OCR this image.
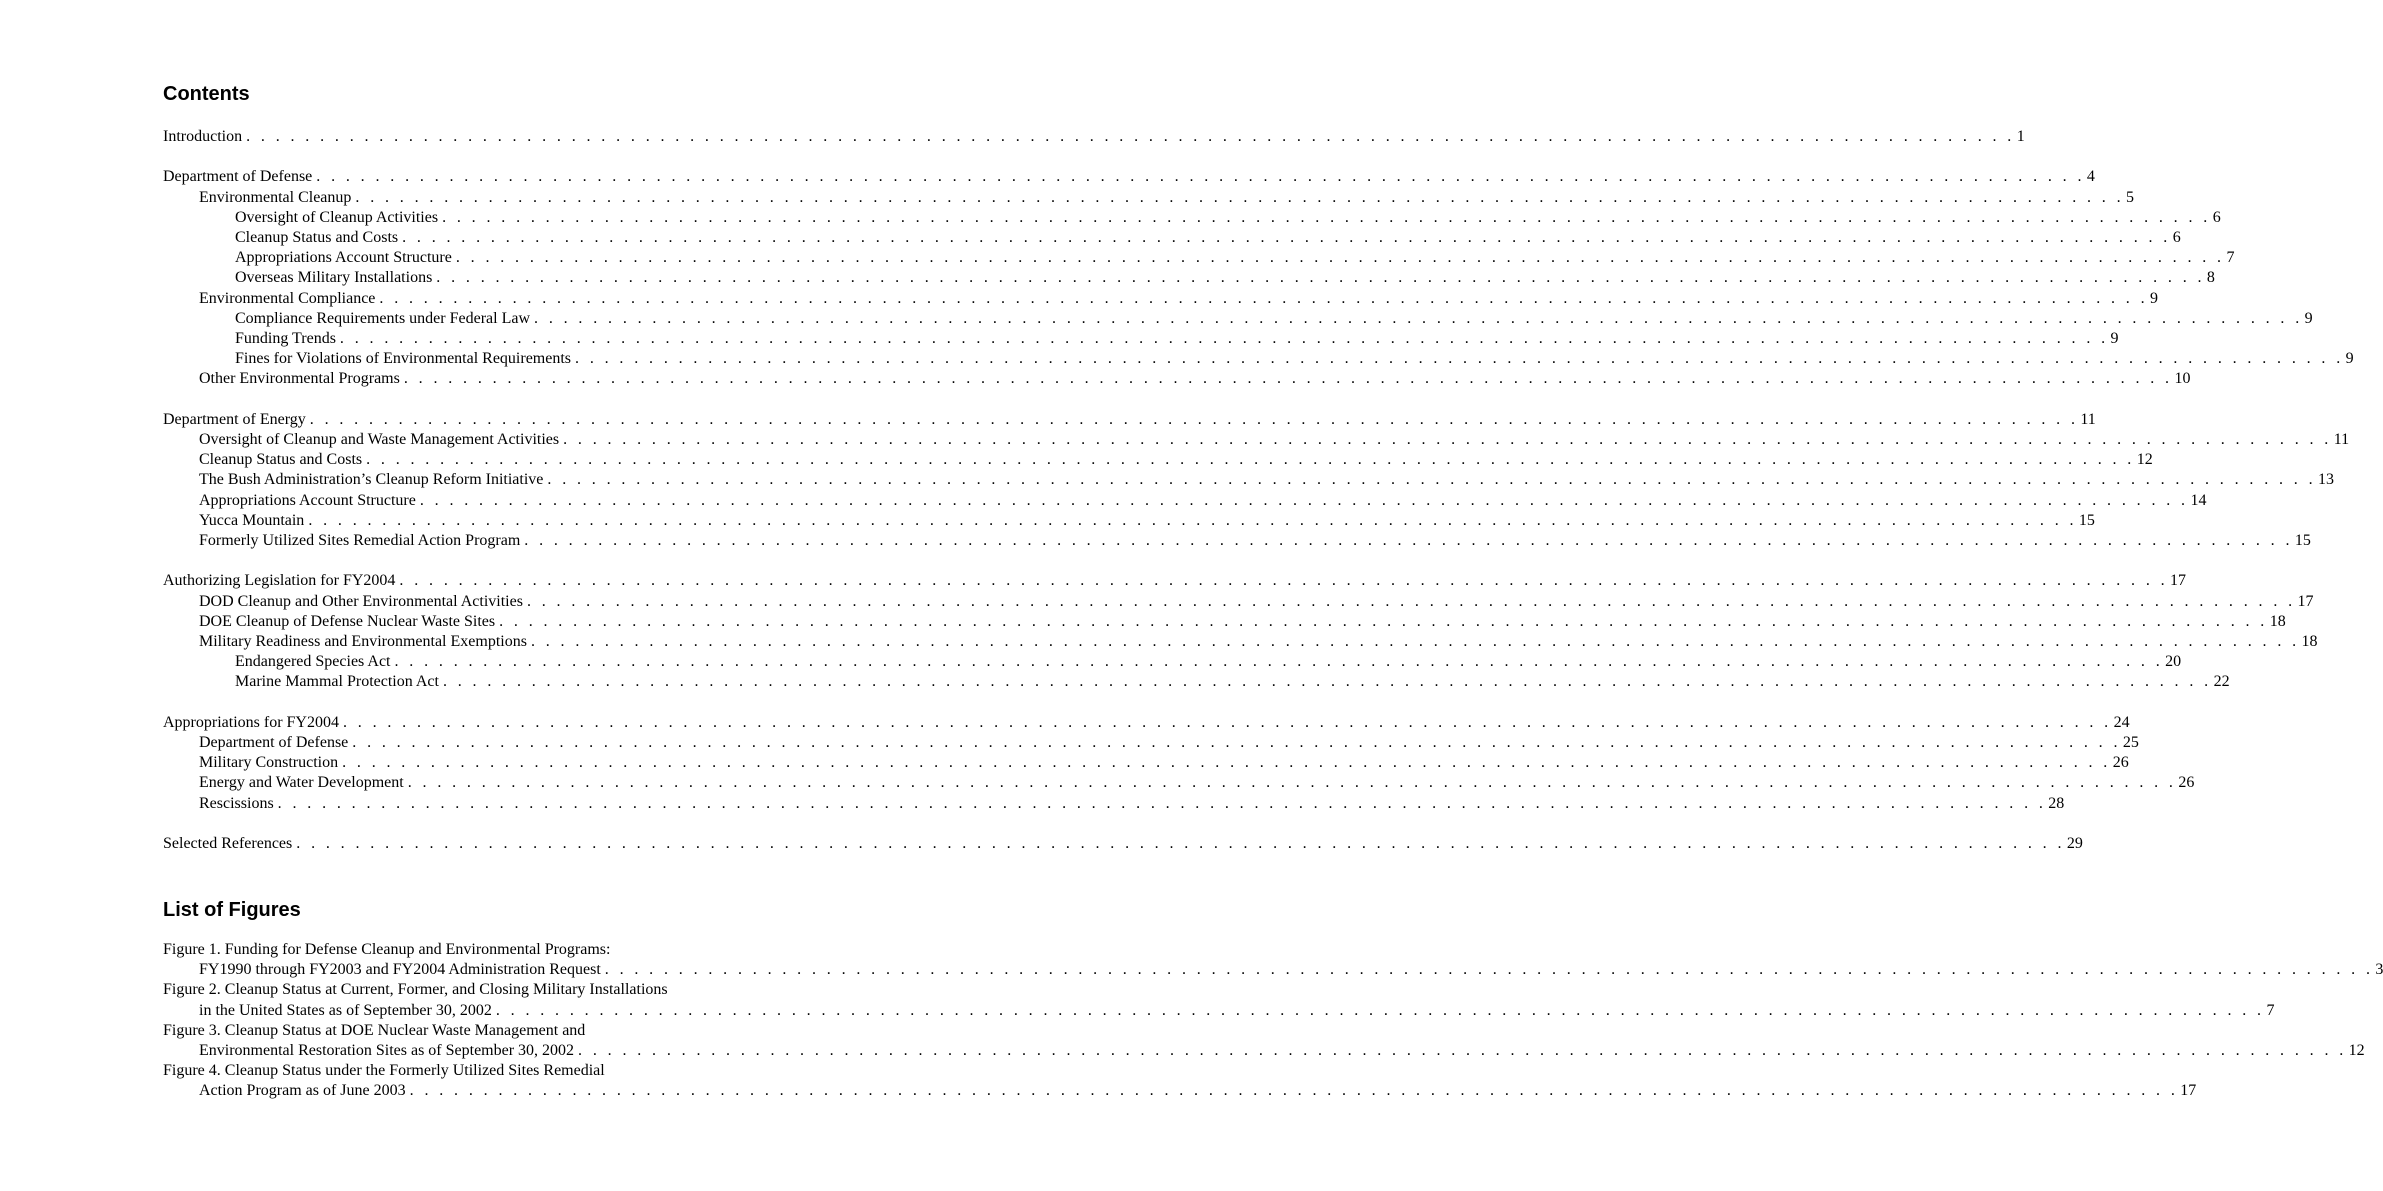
Contents
Introduction . . . . . . . . . . . . . . . . . . . . . . . . . . . . . . . . . . . . . . . . . . . . . . . . . . . . . . . . . . . . . . . . . . . . . . . . . . . . . . . . . . . . . . . . . . . . . . . . . . . . . . . . . . . . . . . . . . . . . . . . 1
Department of Defense . . . . . . . . . . . . . . . . . . . . . . . . . . . . . . . . . . . . . . . . . . . . . . . . . . . . . . . . . . . . . . . . . . . . . . . . . . . . . . . . . . . . . . . . . . . . . . . . . . . . . . . . . . . . . . . . . . . . . . . . 4
Environmental Cleanup . . . . . . . . . . . . . . . . . . . . . . . . . . . . . . . . . . . . . . . . . . . . . . . . . . . . . . . . . . . . . . . . . . . . . . . . . . . . . . . . . . . . . . . . . . . . . . . . . . . . . . . . . . . . . . . . . . . . . . . . 5
Oversight of Cleanup Activities . . . . . . . . . . . . . . . . . . . . . . . . . . . . . . . . . . . . . . . . . . . . . . . . . . . . . . . . . . . . . . . . . . . . . . . . . . . . . . . . . . . . . . . . . . . . . . . . . . . . . . . . . . . . . . . . . . . . . . . . 6
Cleanup Status and Costs . . . . . . . . . . . . . . . . . . . . . . . . . . . . . . . . . . . . . . . . . . . . . . . . . . . . . . . . . . . . . . . . . . . . . . . . . . . . . . . . . . . . . . . . . . . . . . . . . . . . . . . . . . . . . . . . . . . . . . . . 6
Appropriations Account Structure . . . . . . . . . . . . . . . . . . . . . . . . . . . . . . . . . . . . . . . . . . . . . . . . . . . . . . . . . . . . . . . . . . . . . . . . . . . . . . . . . . . . . . . . . . . . . . . . . . . . . . . . . . . . . . . . . . . . . . . . 7
Overseas Military Installations . . . . . . . . . . . . . . . . . . . . . . . . . . . . . . . . . . . . . . . . . . . . . . . . . . . . . . . . . . . . . . . . . . . . . . . . . . . . . . . . . . . . . . . . . . . . . . . . . . . . . . . . . . . . . . . . . . . . . . . . 8
Environmental Compliance . . . . . . . . . . . . . . . . . . . . . . . . . . . . . . . . . . . . . . . . . . . . . . . . . . . . . . . . . . . . . . . . . . . . . . . . . . . . . . . . . . . . . . . . . . . . . . . . . . . . . . . . . . . . . . . . . . . . . . . . 9
Compliance Requirements under Federal Law . . . . . . . . . . . . . . . . . . . . . . . . . . . . . . . . . . . . . . . . . . . . . . . . . . . . . . . . . . . . . . . . . . . . . . . . . . . . . . . . . . . . . . . . . . . . . . . . . . . . . . . . . . . . . . . . . . . . . . . . 9
Funding Trends . . . . . . . . . . . . . . . . . . . . . . . . . . . . . . . . . . . . . . . . . . . . . . . . . . . . . . . . . . . . . . . . . . . . . . . . . . . . . . . . . . . . . . . . . . . . . . . . . . . . . . . . . . . . . . . . . . . . . . . . 9
Fines for Violations of Environmental Requirements . . . . . . . . . . . . . . . . . . . . . . . . . . . . . . . . . . . . . . . . . . . . . . . . . . . . . . . . . . . . . . . . . . . . . . . . . . . . . . . . . . . . . . . . . . . . . . . . . . . . . . . . . . . . . . . . . . . . . . . . 9
Other Environmental Programs . . . . . . . . . . . . . . . . . . . . . . . . . . . . . . . . . . . . . . . . . . . . . . . . . . . . . . . . . . . . . . . . . . . . . . . . . . . . . . . . . . . . . . . . . . . . . . . . . . . . . . . . . . . . . . . . . . . . . . . . 10
Department of Energy . . . . . . . . . . . . . . . . . . . . . . . . . . . . . . . . . . . . . . . . . . . . . . . . . . . . . . . . . . . . . . . . . . . . . . . . . . . . . . . . . . . . . . . . . . . . . . . . . . . . . . . . . . . . . . . . . . . . . . . . 11
Oversight of Cleanup and Waste Management Activities . . . . . . . . . . . . . . . . . . . . . . . . . . . . . . . . . . . . . . . . . . . . . . . . . . . . . . . . . . . . . . . . . . . . . . . . . . . . . . . . . . . . . . . . . . . . . . . . . . . . . . . . . . . . . . . . . . . . . . . . 11
Cleanup Status and Costs . . . . . . . . . . . . . . . . . . . . . . . . . . . . . . . . . . . . . . . . . . . . . . . . . . . . . . . . . . . . . . . . . . . . . . . . . . . . . . . . . . . . . . . . . . . . . . . . . . . . . . . . . . . . . . . . . . . . . . . . 12
The Bush Administration’s Cleanup Reform Initiative . . . . . . . . . . . . . . . . . . . . . . . . . . . . . . . . . . . . . . . . . . . . . . . . . . . . . . . . . . . . . . . . . . . . . . . . . . . . . . . . . . . . . . . . . . . . . . . . . . . . . . . . . . . . . . . . . . . . . . . . 13
Appropriations Account Structure . . . . . . . . . . . . . . . . . . . . . . . . . . . . . . . . . . . . . . . . . . . . . . . . . . . . . . . . . . . . . . . . . . . . . . . . . . . . . . . . . . . . . . . . . . . . . . . . . . . . . . . . . . . . . . . . . . . . . . . . 14
Yucca Mountain . . . . . . . . . . . . . . . . . . . . . . . . . . . . . . . . . . . . . . . . . . . . . . . . . . . . . . . . . . . . . . . . . . . . . . . . . . . . . . . . . . . . . . . . . . . . . . . . . . . . . . . . . . . . . . . . . . . . . . . . 15
Formerly Utilized Sites Remedial Action Program . . . . . . . . . . . . . . . . . . . . . . . . . . . . . . . . . . . . . . . . . . . . . . . . . . . . . . . . . . . . . . . . . . . . . . . . . . . . . . . . . . . . . . . . . . . . . . . . . . . . . . . . . . . . . . . . . . . . . . . . 15
Authorizing Legislation for FY2004 . . . . . . . . . . . . . . . . . . . . . . . . . . . . . . . . . . . . . . . . . . . . . . . . . . . . . . . . . . . . . . . . . . . . . . . . . . . . . . . . . . . . . . . . . . . . . . . . . . . . . . . . . . . . . . . . . . . . . . . . 17
DOD Cleanup and Other Environmental Activities . . . . . . . . . . . . . . . . . . . . . . . . . . . . . . . . . . . . . . . . . . . . . . . . . . . . . . . . . . . . . . . . . . . . . . . . . . . . . . . . . . . . . . . . . . . . . . . . . . . . . . . . . . . . . . . . . . . . . . . . 17
DOE Cleanup of Defense Nuclear Waste Sites . . . . . . . . . . . . . . . . . . . . . . . . . . . . . . . . . . . . . . . . . . . . . . . . . . . . . . . . . . . . . . . . . . . . . . . . . . . . . . . . . . . . . . . . . . . . . . . . . . . . . . . . . . . . . . . . . . . . . . . . 18
Military Readiness and Environmental Exemptions . . . . . . . . . . . . . . . . . . . . . . . . . . . . . . . . . . . . . . . . . . . . . . . . . . . . . . . . . . . . . . . . . . . . . . . . . . . . . . . . . . . . . . . . . . . . . . . . . . . . . . . . . . . . . . . . . . . . . . . . 18
Endangered Species Act . . . . . . . . . . . . . . . . . . . . . . . . . . . . . . . . . . . . . . . . . . . . . . . . . . . . . . . . . . . . . . . . . . . . . . . . . . . . . . . . . . . . . . . . . . . . . . . . . . . . . . . . . . . . . . . . . . . . . . . . 20
Marine Mammal Protection Act . . . . . . . . . . . . . . . . . . . . . . . . . . . . . . . . . . . . . . . . . . . . . . . . . . . . . . . . . . . . . . . . . . . . . . . . . . . . . . . . . . . . . . . . . . . . . . . . . . . . . . . . . . . . . . . . . . . . . . . . 22
Appropriations for FY2004 . . . . . . . . . . . . . . . . . . . . . . . . . . . . . . . . . . . . . . . . . . . . . . . . . . . . . . . . . . . . . . . . . . . . . . . . . . . . . . . . . . . . . . . . . . . . . . . . . . . . . . . . . . . . . . . . . . . . . . . . 24
Department of Defense . . . . . . . . . . . . . . . . . . . . . . . . . . . . . . . . . . . . . . . . . . . . . . . . . . . . . . . . . . . . . . . . . . . . . . . . . . . . . . . . . . . . . . . . . . . . . . . . . . . . . . . . . . . . . . . . . . . . . . . . 25
Military Construction . . . . . . . . . . . . . . . . . . . . . . . . . . . . . . . . . . . . . . . . . . . . . . . . . . . . . . . . . . . . . . . . . . . . . . . . . . . . . . . . . . . . . . . . . . . . . . . . . . . . . . . . . . . . . . . . . . . . . . . . 26
Energy and Water Development . . . . . . . . . . . . . . . . . . . . . . . . . . . . . . . . . . . . . . . . . . . . . . . . . . . . . . . . . . . . . . . . . . . . . . . . . . . . . . . . . . . . . . . . . . . . . . . . . . . . . . . . . . . . . . . . . . . . . . . . 26
Rescissions . . . . . . . . . . . . . . . . . . . . . . . . . . . . . . . . . . . . . . . . . . . . . . . . . . . . . . . . . . . . . . . . . . . . . . . . . . . . . . . . . . . . . . . . . . . . . . . . . . . . . . . . . . . . . . . . . . . . . . . . 28
Selected References . . . . . . . . . . . . . . . . . . . . . . . . . . . . . . . . . . . . . . . . . . . . . . . . . . . . . . . . . . . . . . . . . . . . . . . . . . . . . . . . . . . . . . . . . . . . . . . . . . . . . . . . . . . . . . . . . . . . . . . . 29
List of Figures
Figure 1. Funding for Defense Cleanup and Environmental Programs:
FY1990 through FY2003 and FY2004 Administration Request . . . . . . . . . . . . . . . . . . . . . . . . . . . . . . . . . . . . . . . . . . . . . . . . . . . . . . . . . . . . . . . . . . . . . . . . . . . . . . . . . . . . . . . . . . . . . . . . . . . . . . . . . . . . . . . . . . . . . . . . 3
Figure 2. Cleanup Status at Current, Former, and Closing Military Installations
in the United States as of September 30, 2002 . . . . . . . . . . . . . . . . . . . . . . . . . . . . . . . . . . . . . . . . . . . . . . . . . . . . . . . . . . . . . . . . . . . . . . . . . . . . . . . . . . . . . . . . . . . . . . . . . . . . . . . . . . . . . . . . . . . . . . . . 7
Figure 3. Cleanup Status at DOE Nuclear Waste Management and
Environmental Restoration Sites as of September 30, 2002 . . . . . . . . . . . . . . . . . . . . . . . . . . . . . . . . . . . . . . . . . . . . . . . . . . . . . . . . . . . . . . . . . . . . . . . . . . . . . . . . . . . . . . . . . . . . . . . . . . . . . . . . . . . . . . . . . . . . . . . . 12
Figure 4. Cleanup Status under the Formerly Utilized Sites Remedial
Action Program as of June 2003 . . . . . . . . . . . . . . . . . . . . . . . . . . . . . . . . . . . . . . . . . . . . . . . . . . . . . . . . . . . . . . . . . . . . . . . . . . . . . . . . . . . . . . . . . . . . . . . . . . . . . . . . . . . . . . . . . . . . . . . . 17
